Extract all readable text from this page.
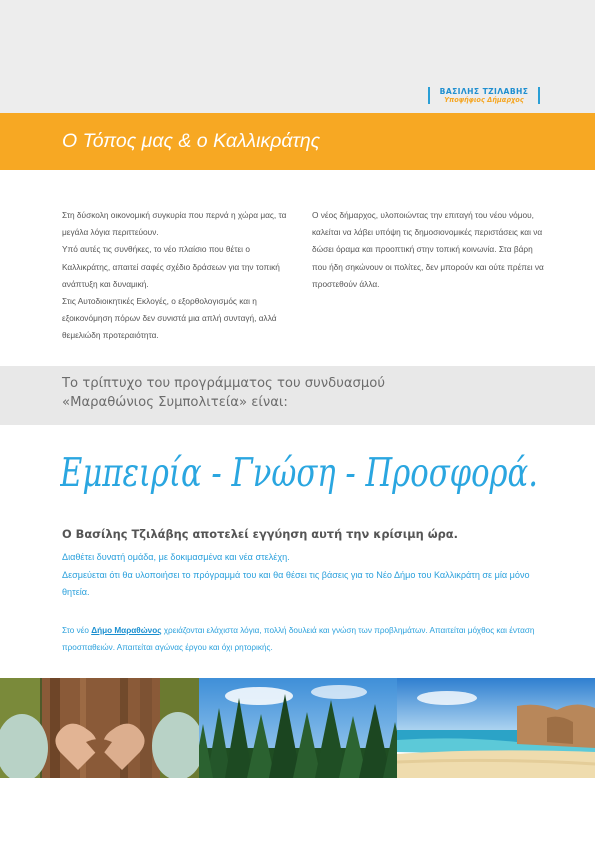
ΒΑΣΙΛΗΣ ΤΖΙΛΑΒΗΣ
Υποψήφιος Δήμαρχος
Ο Τόπος μας & ο Καλλικράτης

Στη δύσκολη οικονομική συγκυρία που περνά η χώρα μας, τα μεγάλα λόγια περιττεύουν.

Υπό αυτές τις συνθήκες, το νέο πλαίσιο που θέτει ο Καλλικράτης, απαιτεί σαφές σχέδιο δράσεων για την τοπική ανάπτυξη και δυναμική.

Στις Αυτοδιοικητικές Εκλογές, ο εξορθολογισμός και η εξοικονόμηση πόρων δεν συνιστά μια απλή συνταγή, αλλά θεμελιώδη προτεραιότητα.

Ο νέος δήμαρχος, υλοποιώντας την επιταγή του νέου νόμου, καλείται να λάβει υπόψη τις δημοσιονομικές περιστάσεις και να δώσει όραμα και προοπτική στην τοπική κοινωνία. Στα βάρη που ήδη σηκώνουν οι πολίτες, δεν μπορούν και ούτε πρέπει να προστεθούν άλλα.

Το τρίπτυχο του προγράμματος του συνδυασμού
«Μαραθώνιος Συμπολιτεία» είναι:
Εμπειρία - Γνώση - Προσφορά.
Ο Βασίλης Τζιλάβης αποτελεί εγγύηση αυτή την κρίσιμη ώρα.

Διαθέτει δυνατή ομάδα, με δοκιμασμένα και νέα στελέχη.

Δεσμεύεται ότι θα υλοποιήσει το πρόγραμμά του και θα θέσει τις βάσεις για το Νέο Δήμο του Καλλικράτη σε μία μόνο θητεία.

Στο νέο Δήμο Μαραθώνος χρειάζονται ελάχιστα λόγια, πολλή δουλειά και γνώση των προβλημάτων. Απαιτείται μόχθος και ένταση προσπαθειών. Απαιτείται αγώνας έργου και όχι ρητορικής.
